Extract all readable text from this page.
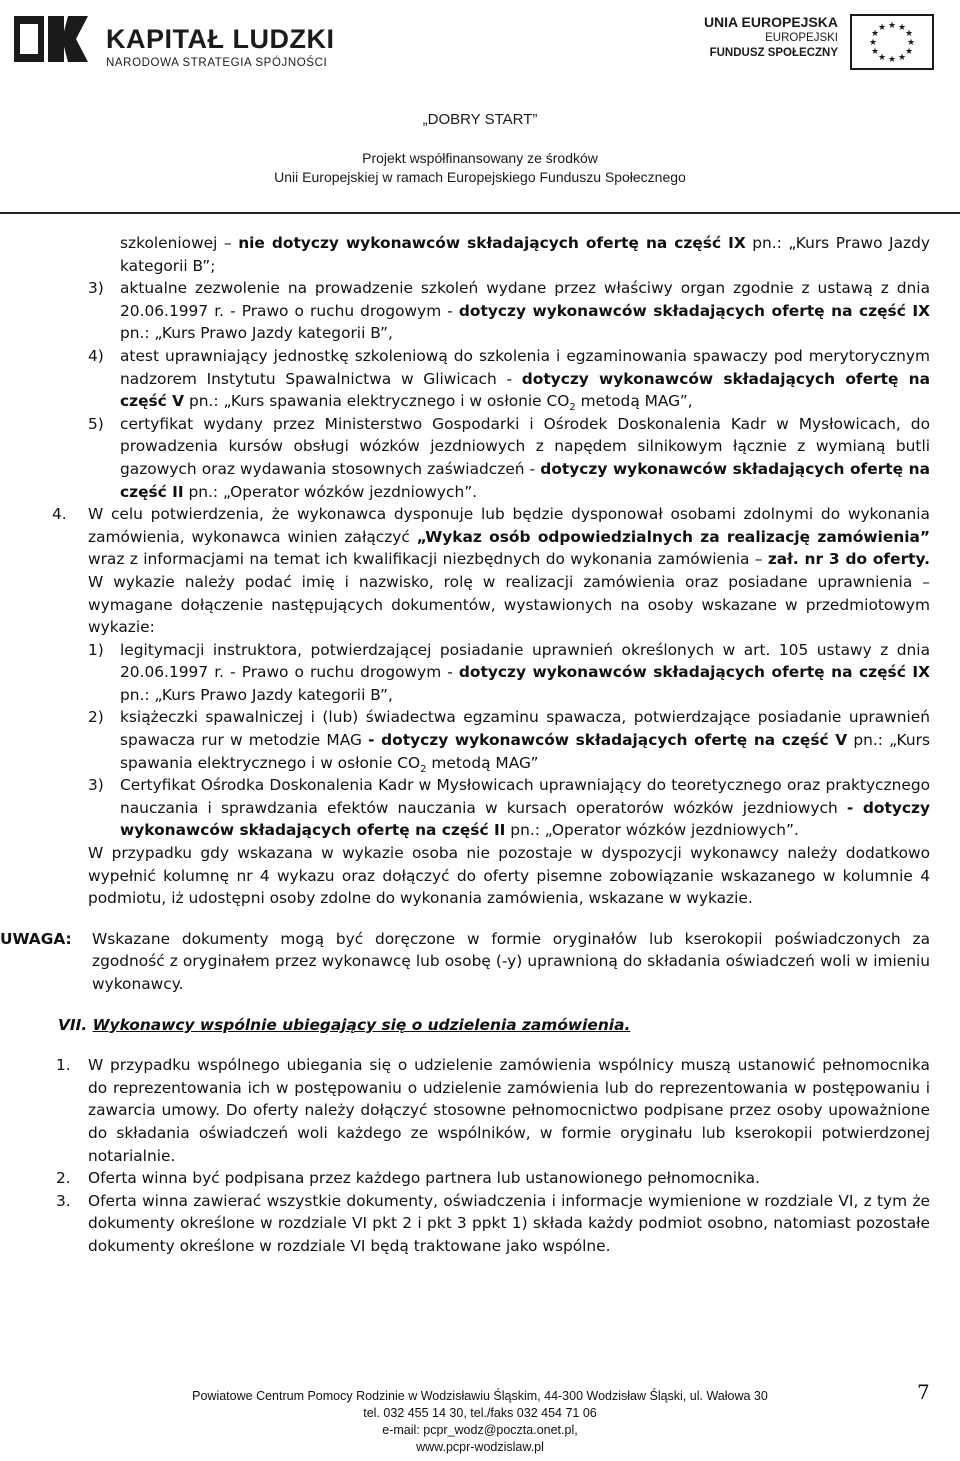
KAPITAŁ LUDZKI
NARODOWA STRATEGIA SPÓJNOŚCI
UNIA EUROPEJSKA
EUROPEJSKI
FUNDUSZ SPOŁECZNY
★ ★
★
★
★
★
★
★
★
★
★
★
„DOBRY START”
Projekt współfinansowany ze środków
Unii Europejskiej w ramach Europejskiego Funduszu Społecznego
szkoleniowej – nie dotyczy wykonawców składających ofertę na część IX pn.: „Kurs Prawo Jazdy kategorii B”;
3) aktualne zezwolenie na prowadzenie szkoleń wydane przez właściwy organ zgodnie z ustawą z dnia 20.06.1997 r. - Prawo o ruchu drogowym - dotyczy wykonawców składających ofertę na część IX pn.: „Kurs Prawo Jazdy kategorii B”,
4) atest uprawniający jednostkę szkoleniową do szkolenia i egzaminowania spawaczy pod merytorycznym nadzorem Instytutu Spawalnictwa w Gliwicach - dotyczy wykonawców składających ofertę na część V pn.: „Kurs spawania elektrycznego i w osłonie $CO_2$ metodą MAG”,
5) certyfikat wydany przez Ministerstwo Gospodarki i Ośrodek Doskonalenia Kadr w Mysłowicach, do prowadzenia kursów obsługi wózków jezdniowych z napędem silnikowym łącznie z wymianą butli gazowych oraz wydawania stosownych zaświadczeń - dotyczy wykonawców składających ofertę na część II pn.: „Operator wózków jezdniowych”.
4. W celu potwierdzenia, że wykonawca dysponuje lub będzie dysponował osobami zdolnymi do wykonania zamówienia, wykonawca winien załączyć „Wykaz osób odpowiedzialnych za realizację zamówienia” wraz z informacjami na temat ich kwalifikacji niezbędnych do wykonania zamówienia – zał. nr 3 do oferty. W wykazie należy podać imię i nazwisko, rolę w realizacji zamówienia oraz posiadane uprawnienia – wymagane dołączenie następujących dokumentów, wystawionych na osoby wskazane w przedmiotowym wykazie:
1) legitymacji instruktora, potwierdzającej posiadanie uprawnień określonych w art. 105 ustawy z dnia 20.06.1997 r. - Prawo o ruchu drogowym - dotyczy wykonawców składających ofertę na część IX pn.: „Kurs Prawo Jazdy kategorii B”,
2) książeczki spawalniczej i (lub) świadectwa egzaminu spawacza, potwierdzające posiadanie uprawnień spawacza rur w metodzie MAG - dotyczy wykonawców składających ofertę na część V pn.: „Kurs spawania elektrycznego i w osłonie $CO_2$ metodą MAG”
3) Certyfikat Ośrodka Doskonalenia Kadr w Mysłowicach uprawniający do teoretycznego oraz praktycznego nauczania i sprawdzania efektów nauczania w kursach operatorów wózków jezdniowych - dotyczy wykonawców składających ofertę na część II pn.: „Operator wózków jezdniowych”.
W przypadku gdy wskazana w wykazie osoba nie pozostaje w dyspozycji wykonawcy należy dodatkowo wypełnić kolumnę nr 4 wykazu oraz dołączyć do oferty pisemne zobowiązanie wskazanego w kolumnie 4 podmiotu, iż udostępni osoby zdolne do wykonania zamówienia, wskazane w wykazie.
UWAGA: Wskazane dokumenty mogą być doręczone w formie oryginałów lub kserokopii poświadczonych za zgodność z oryginałem przez wykonawcę lub osobę (-y) uprawnioną do składania oświadczeń woli w imieniu wykonawcy.
VII. Wykonawcy wspólnie ubiegający się o udzielenia zamówienia.
1. W przypadku wspólnego ubiegania się o udzielenie zamówienia wspólnicy muszą ustanowić pełnomocnika do reprezentowania ich w postępowaniu o udzielenie zamówienia lub do reprezentowania w postępowaniu i zawarcia umowy. Do oferty należy dołączyć stosowne pełnomocnictwo podpisane przez osoby upoważnione do składania oświadczeń woli każdego ze wspólników, w formie oryginału lub kserokopii potwierdzonej notarialnie.
2. Oferta winna być podpisana przez każdego partnera lub ustanowionego pełnomocnika.
3. Oferta winna zawierać wszystkie dokumenty, oświadczenia i informacje wymienione w rozdziale VI, z tym że dokumenty określone w rozdziale VI pkt 2 i pkt 3 ppkt 1) składa każdy podmiot osobno, natomiast pozostałe dokumenty określone w rozdziale VI będą traktowane jako wspólne.
Powiatowe Centrum Pomocy Rodzinie w Wodzisławiu Śląskim, 44-300 Wodzisław Śląski, ul. Wałowa 30
tel. 032 455 14 30, tel./faks 032 454 71 06
e-mail: pcpr_wodz@poczta.onet.pl,
www.pcpr-wodzislaw.pl
7
